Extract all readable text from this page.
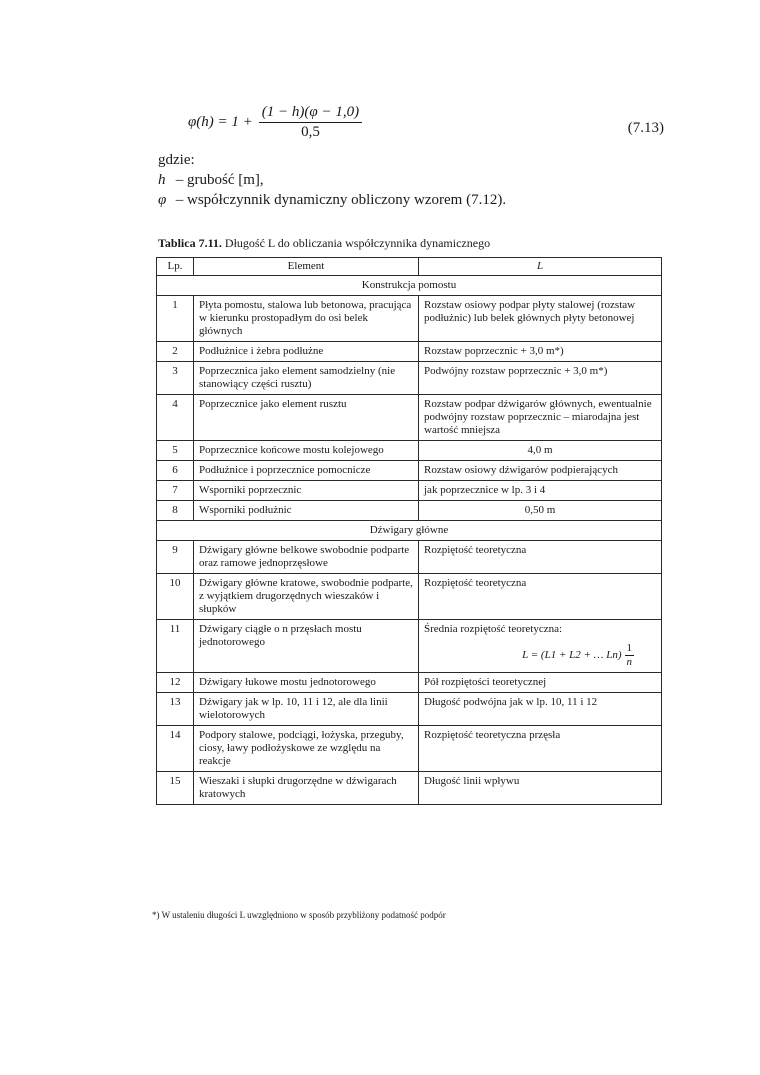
$\varphi(h) = 1 + \frac{(1 - h)(\varphi - 1,0)}{0,5}$	(7.13)
gdzie:
h – grubość [m],
φ – współczynnik dynamiczny obliczony wzorem (7.12).
Tablica 7.11. Długość L do obliczania współczynnika dynamicznego
Lp.	Element	L
Konstrukcja pomostu		
1	Płyta pomostu, stalowa lub betonowa, pracująca w kierunku prostopadłym do osi belek głównych	Rozstaw osiowy podpar płyty stalowej (rozstaw podłużnic) lub belek głównych płyty betonowej
2	Podłużnice i żebra podłużne	Rozstaw poprzecznic + 3,0 m*)
3	Poprzecznica jako element samodzielny (nie stanowiący części rusztu)	Podwójny rozstaw poprzecznic + 3,0 m*)
4	Poprzecznice jako element rusztu	Rozstaw podpar dźwigarów głównych, ewentualnie podwójny rozstaw poprzecznic – miarodajna jest wartość mniejsza
5	Poprzecznice końcowe mostu kolejowego	4,0 m
6	Podłużnice i poprzecznice pomocnicze	Rozstaw osiowy dźwigarów podpierających
7	Wsporniki poprzecznic	jak poprzecznice w lp. 3 i 4
8	Wsporniki podłużnic	0,50 m
Dźwigary główne		
9	Dźwigary główne belkowe swobodnie podparte oraz ramowe jednoprzęsłowe	Rozpiętość teoretyczna
10	Dźwigary główne kratowe, swobodnie podparte, z wyjątkiem drugorzędnych wieszaków i słupków	Rozpiętość teoretyczna
11	Dźwigary ciągłe o n przęsłach mostu jednotorowego	Średnia rozpiętość teoretyczna:
L = (L1 + L2 + … $Ln) \frac{1}{n}$

12	Dźwigary łukowe mostu jednotorowego	Pół rozpiętości teoretycznej
13	Dźwigary jak w lp. 10, 11 i 12, ale dla linii wielotorowych	Długość podwójna jak w lp. 10, 11 i 12
14	Podpory stalowe, podciągi, łożyska, przeguby, ciosy, ławy podłożyskowe ze względu na reakcje	Rozpiętość teoretyczna przęsła
15	Wieszaki i słupki drugorzędne w dźwigarach kratowych	Długość linii wpływu
*) W ustaleniu długości L uwzględniono w sposób przybliżony podatność podpór
